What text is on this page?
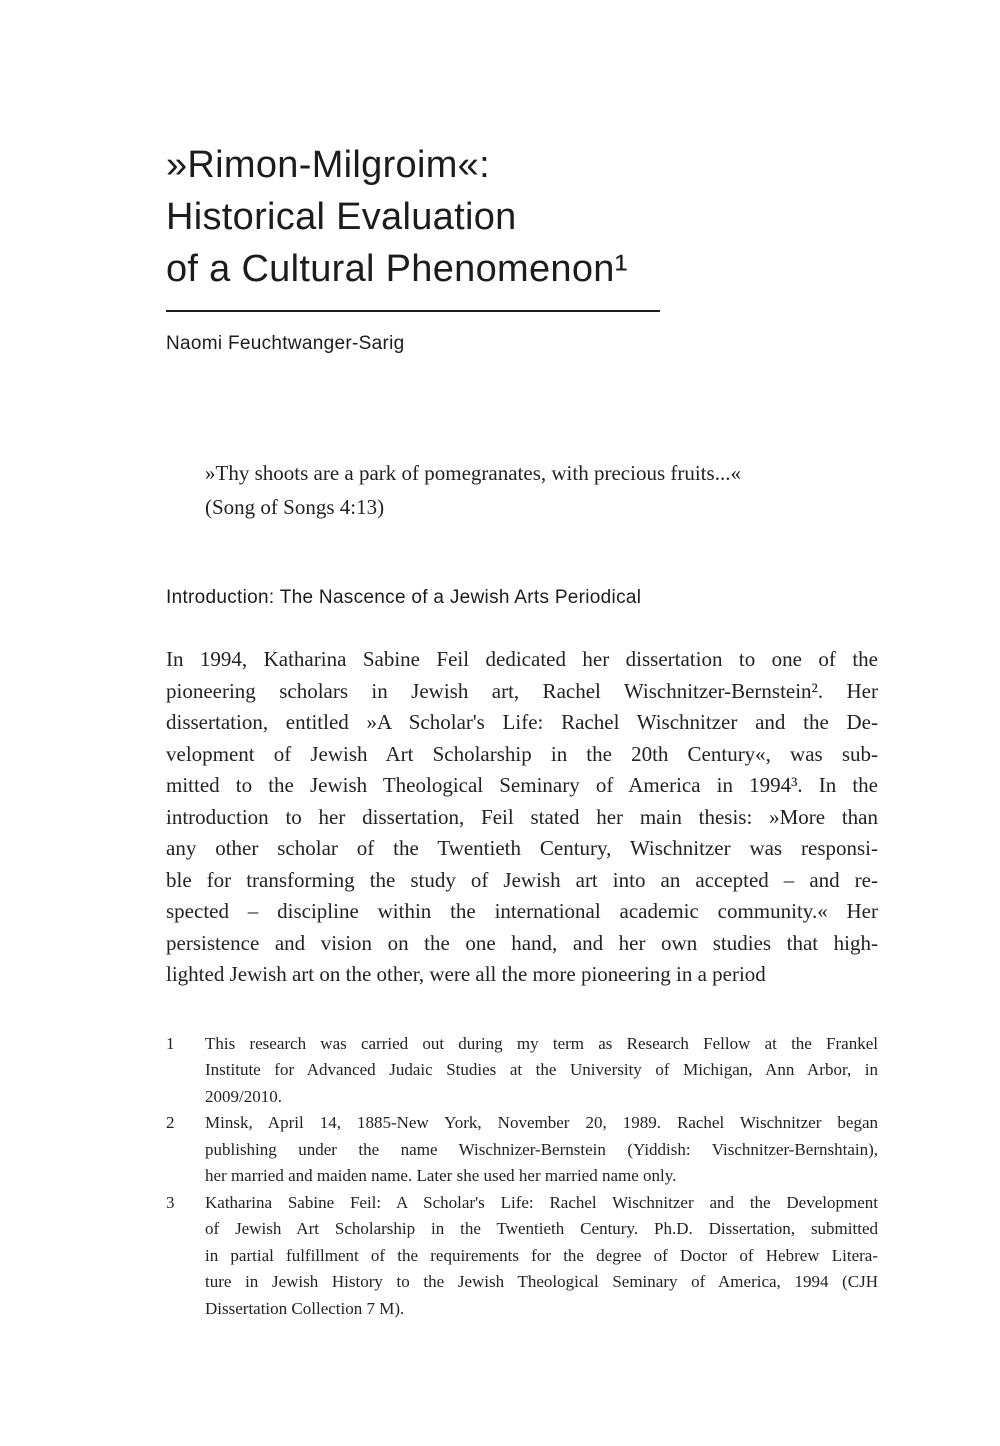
»Rimon-Milgroim«:
Historical Evaluation
of a Cultural Phenomenon¹
Naomi Feuchtwanger-Sarig
»Thy shoots are a park of pomegranates, with precious fruits...«
(Song of Songs 4:13)
Introduction: The Nascence of a Jewish Arts Periodical
In 1994, Katharina Sabine Feil dedicated her dissertation to one of the
pioneering scholars in Jewish art, Rachel Wischnitzer-Bernstein². Her
dissertation, entitled »A Scholar's Life: Rachel Wischnitzer and the De-
velopment of Jewish Art Scholarship in the 20th Century«, was sub-
mitted to the Jewish Theological Seminary of America in 1994³. In the
introduction to her dissertation, Feil stated her main thesis: »More than
any other scholar of the Twentieth Century, Wischnitzer was responsi-
ble for transforming the study of Jewish art into an accepted – and re-
spected – discipline within the international academic community.« Her
persistence and vision on the one hand, and her own studies that high-
lighted Jewish art on the other, were all the more pioneering in a period
1	This research was carried out during my term as Research Fellow at the Frankel
Institute for Advanced Judaic Studies at the University of Michigan, Ann Arbor, in
2009/2010.
2	Minsk, April 14, 1885-New York, November 20, 1989. Rachel Wischnitzer began
publishing under the name Wischnizer-Bernstein (Yiddish: Vischnitzer-Bernshtain),
her married and maiden name. Later she used her married name only.
3	Katharina Sabine Feil: A Scholar's Life: Rachel Wischnitzer and the Development
of Jewish Art Scholarship in the Twentieth Century. Ph.D. Dissertation, submitted
in partial fulfillment of the requirements for the degree of Doctor of Hebrew Litera-
ture in Jewish History to the Jewish Theological Seminary of America, 1994 (CJH
Dissertation Collection 7 M).
